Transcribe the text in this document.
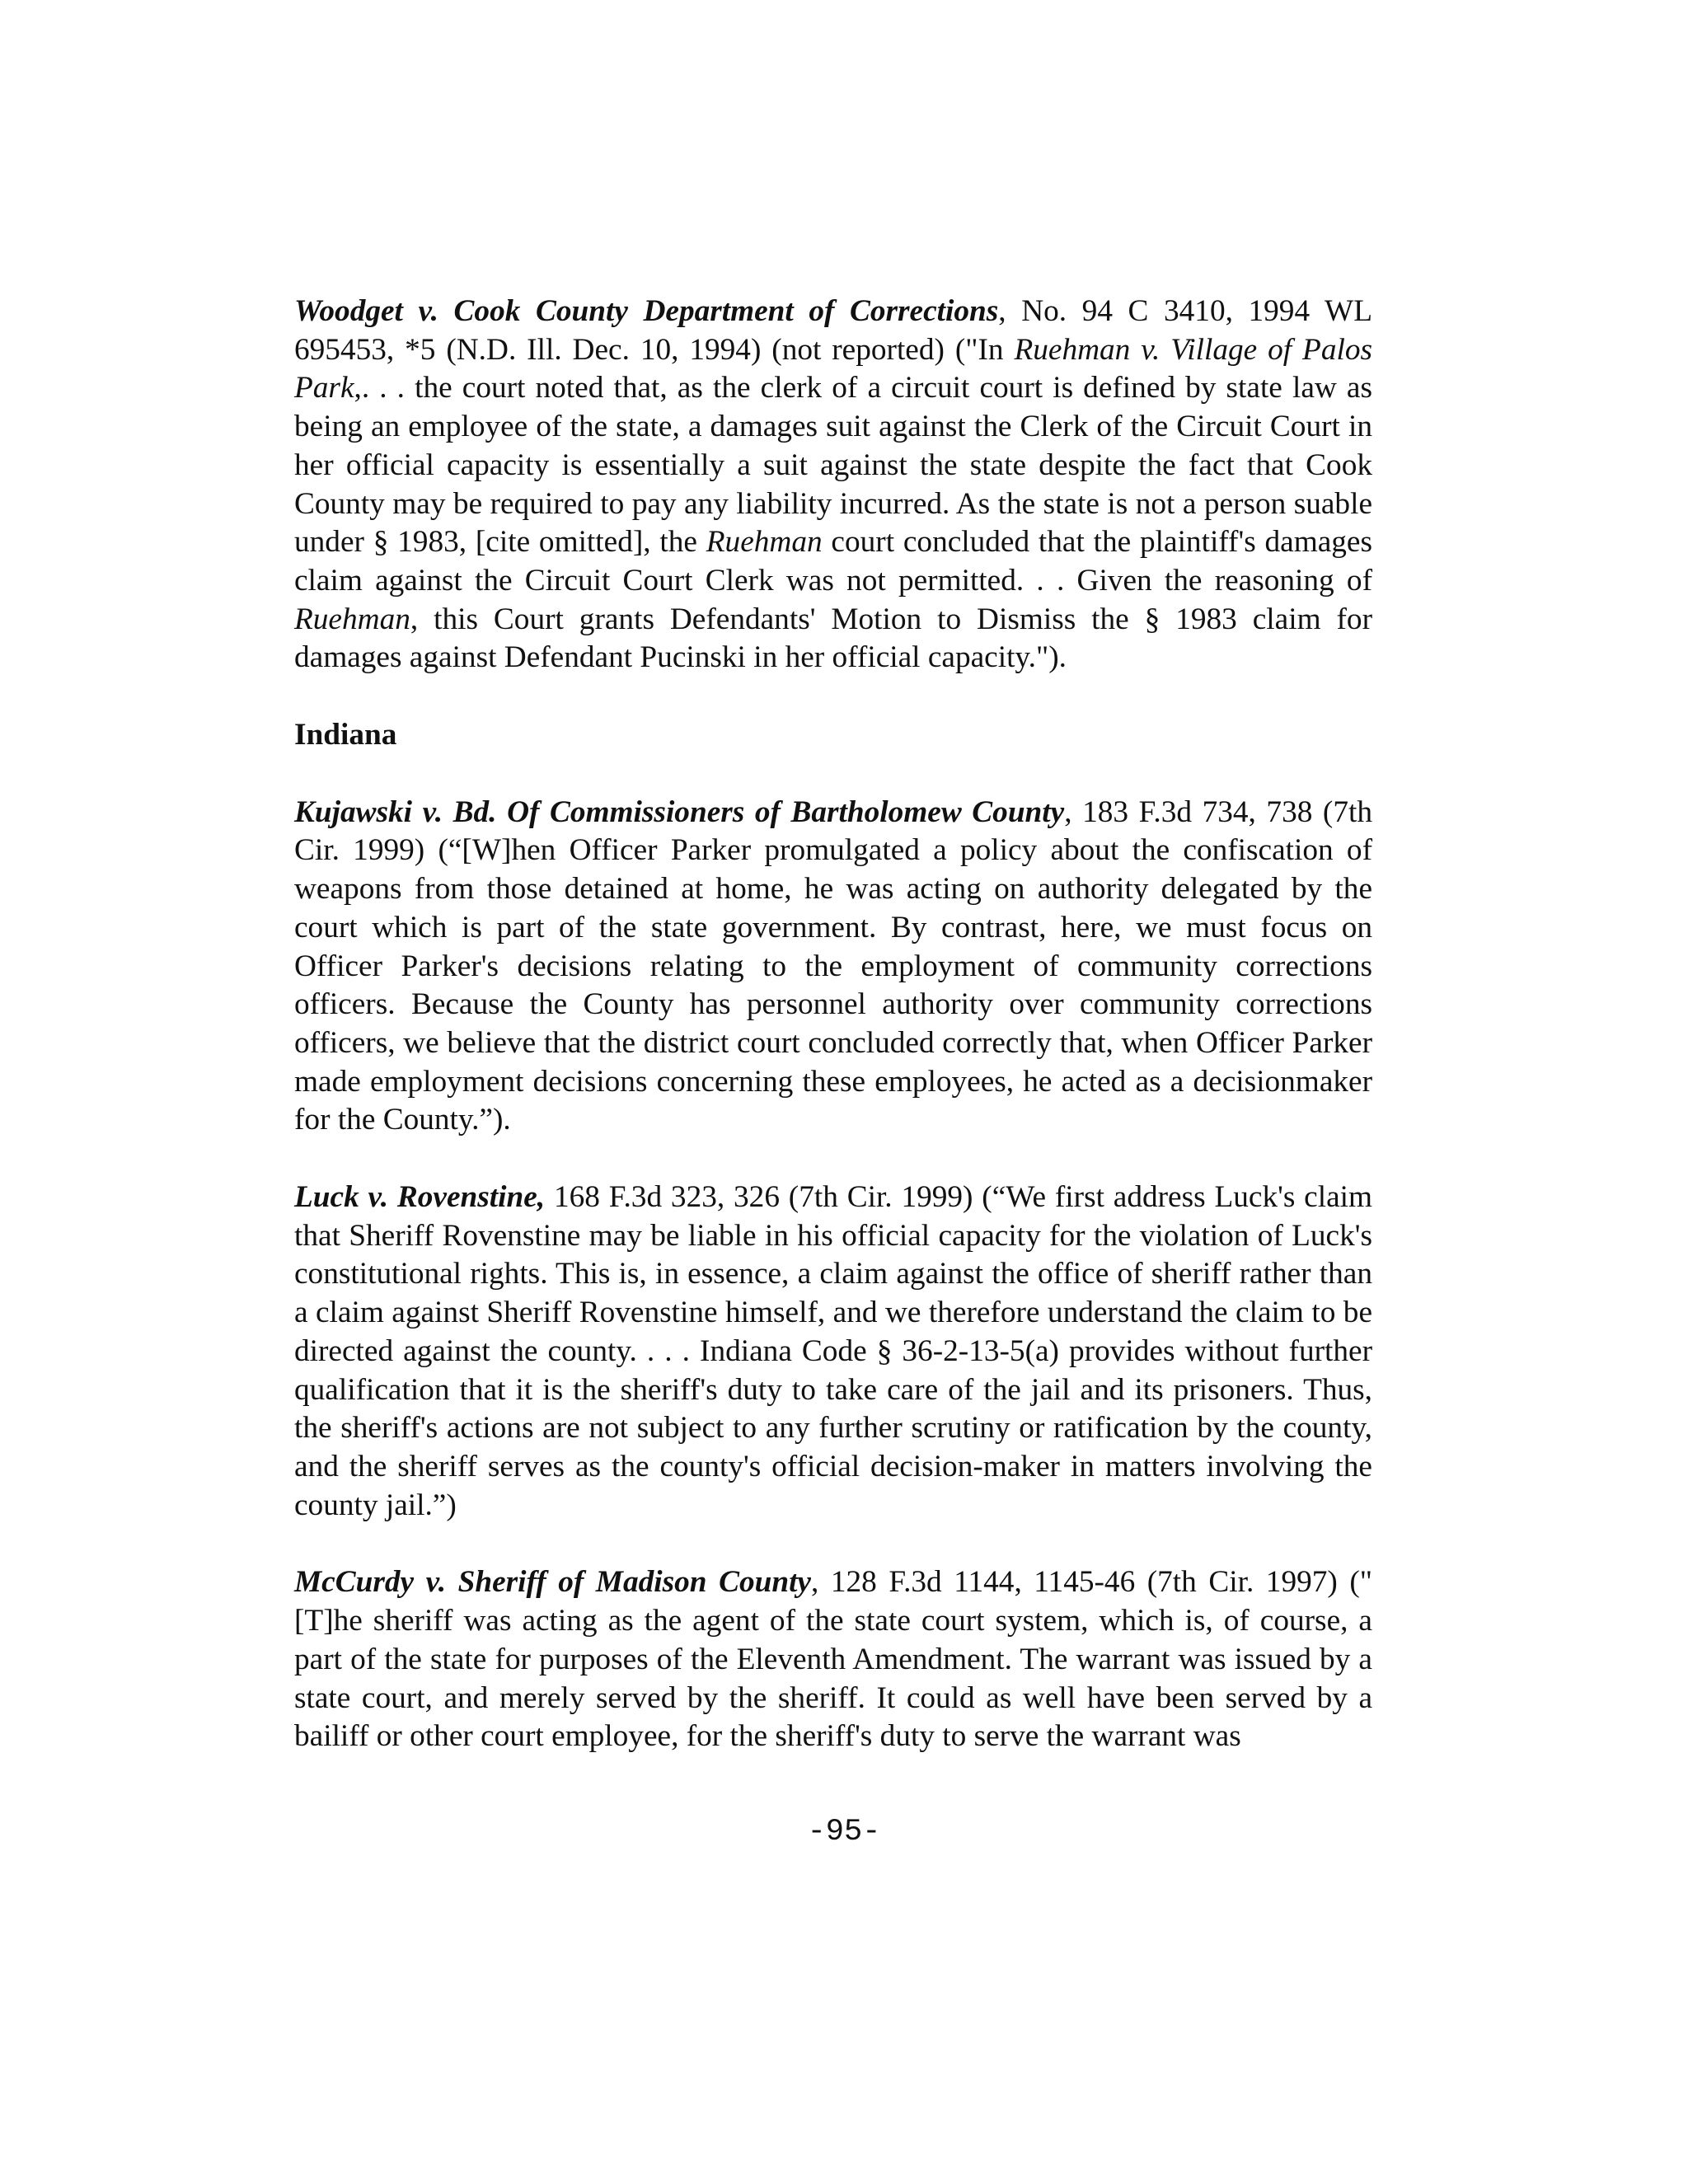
Woodget v. Cook County Department of Corrections, No. 94 C 3410, 1994 WL 695453, *5 (N.D. Ill. Dec. 10, 1994) (not reported) ("In Ruehman v. Village of Palos Park,. . . the court noted that, as the clerk of a circuit court is defined by state law as being an employee of the state, a damages suit against the Clerk of the Circuit Court in her official capacity is essentially a suit against the state despite the fact that Cook County may be required to pay any liability incurred. As the state is not a person suable under § 1983, [cite omitted], the Ruehman court concluded that the plaintiff's damages claim against the Circuit Court Clerk was not permitted. . . Given the reasoning of Ruehman, this Court grants Defendants' Motion to Dismiss the § 1983 claim for damages against Defendant Pucinski in her official capacity.").

Indiana

Kujawski v. Bd. Of Commissioners of Bartholomew County, 183 F.3d 734, 738 (7th Cir. 1999) (“[W]hen Officer Parker promulgated a policy about the confiscation of weapons from those detained at home, he was acting on authority delegated by the court which is part of the state government. By contrast, here, we must focus on Officer Parker's decisions relating to the employment of community corrections officers. Because the County has personnel authority over community corrections officers, we believe that the district court concluded correctly that, when Officer Parker made employment decisions concerning these employees, he acted as a decisionmaker for the County.”).

Luck v. Rovenstine, 168 F.3d 323, 326 (7th Cir. 1999) (“We first address Luck's claim that Sheriff Rovenstine may be liable in his official capacity for the violation of Luck's constitutional rights. This is, in essence, a claim against the office of sheriff rather than a claim against Sheriff Rovenstine himself, and we therefore understand the claim to be directed against the county. . . . Indiana Code § 36-2-13-5(a) provides without further qualification that it is the sheriff's duty to take care of the jail and its prisoners. Thus, the sheriff's actions are not subject to any further scrutiny or ratification by the county, and the sheriff serves as the county's official decision-maker in matters involving the county jail.”)

McCurdy v. Sheriff of Madison County, 128 F.3d 1144, 1145-46 (7th Cir. 1997) ("[T]he sheriff was acting as the agent of the state court system, which is, of course, a part of the state for purposes of the Eleventh Amendment. The warrant was issued by a state court, and merely served by the sheriff. It could as well have been served by a bailiff or other court employee, for the sheriff's duty to serve the warrant was

-95-
